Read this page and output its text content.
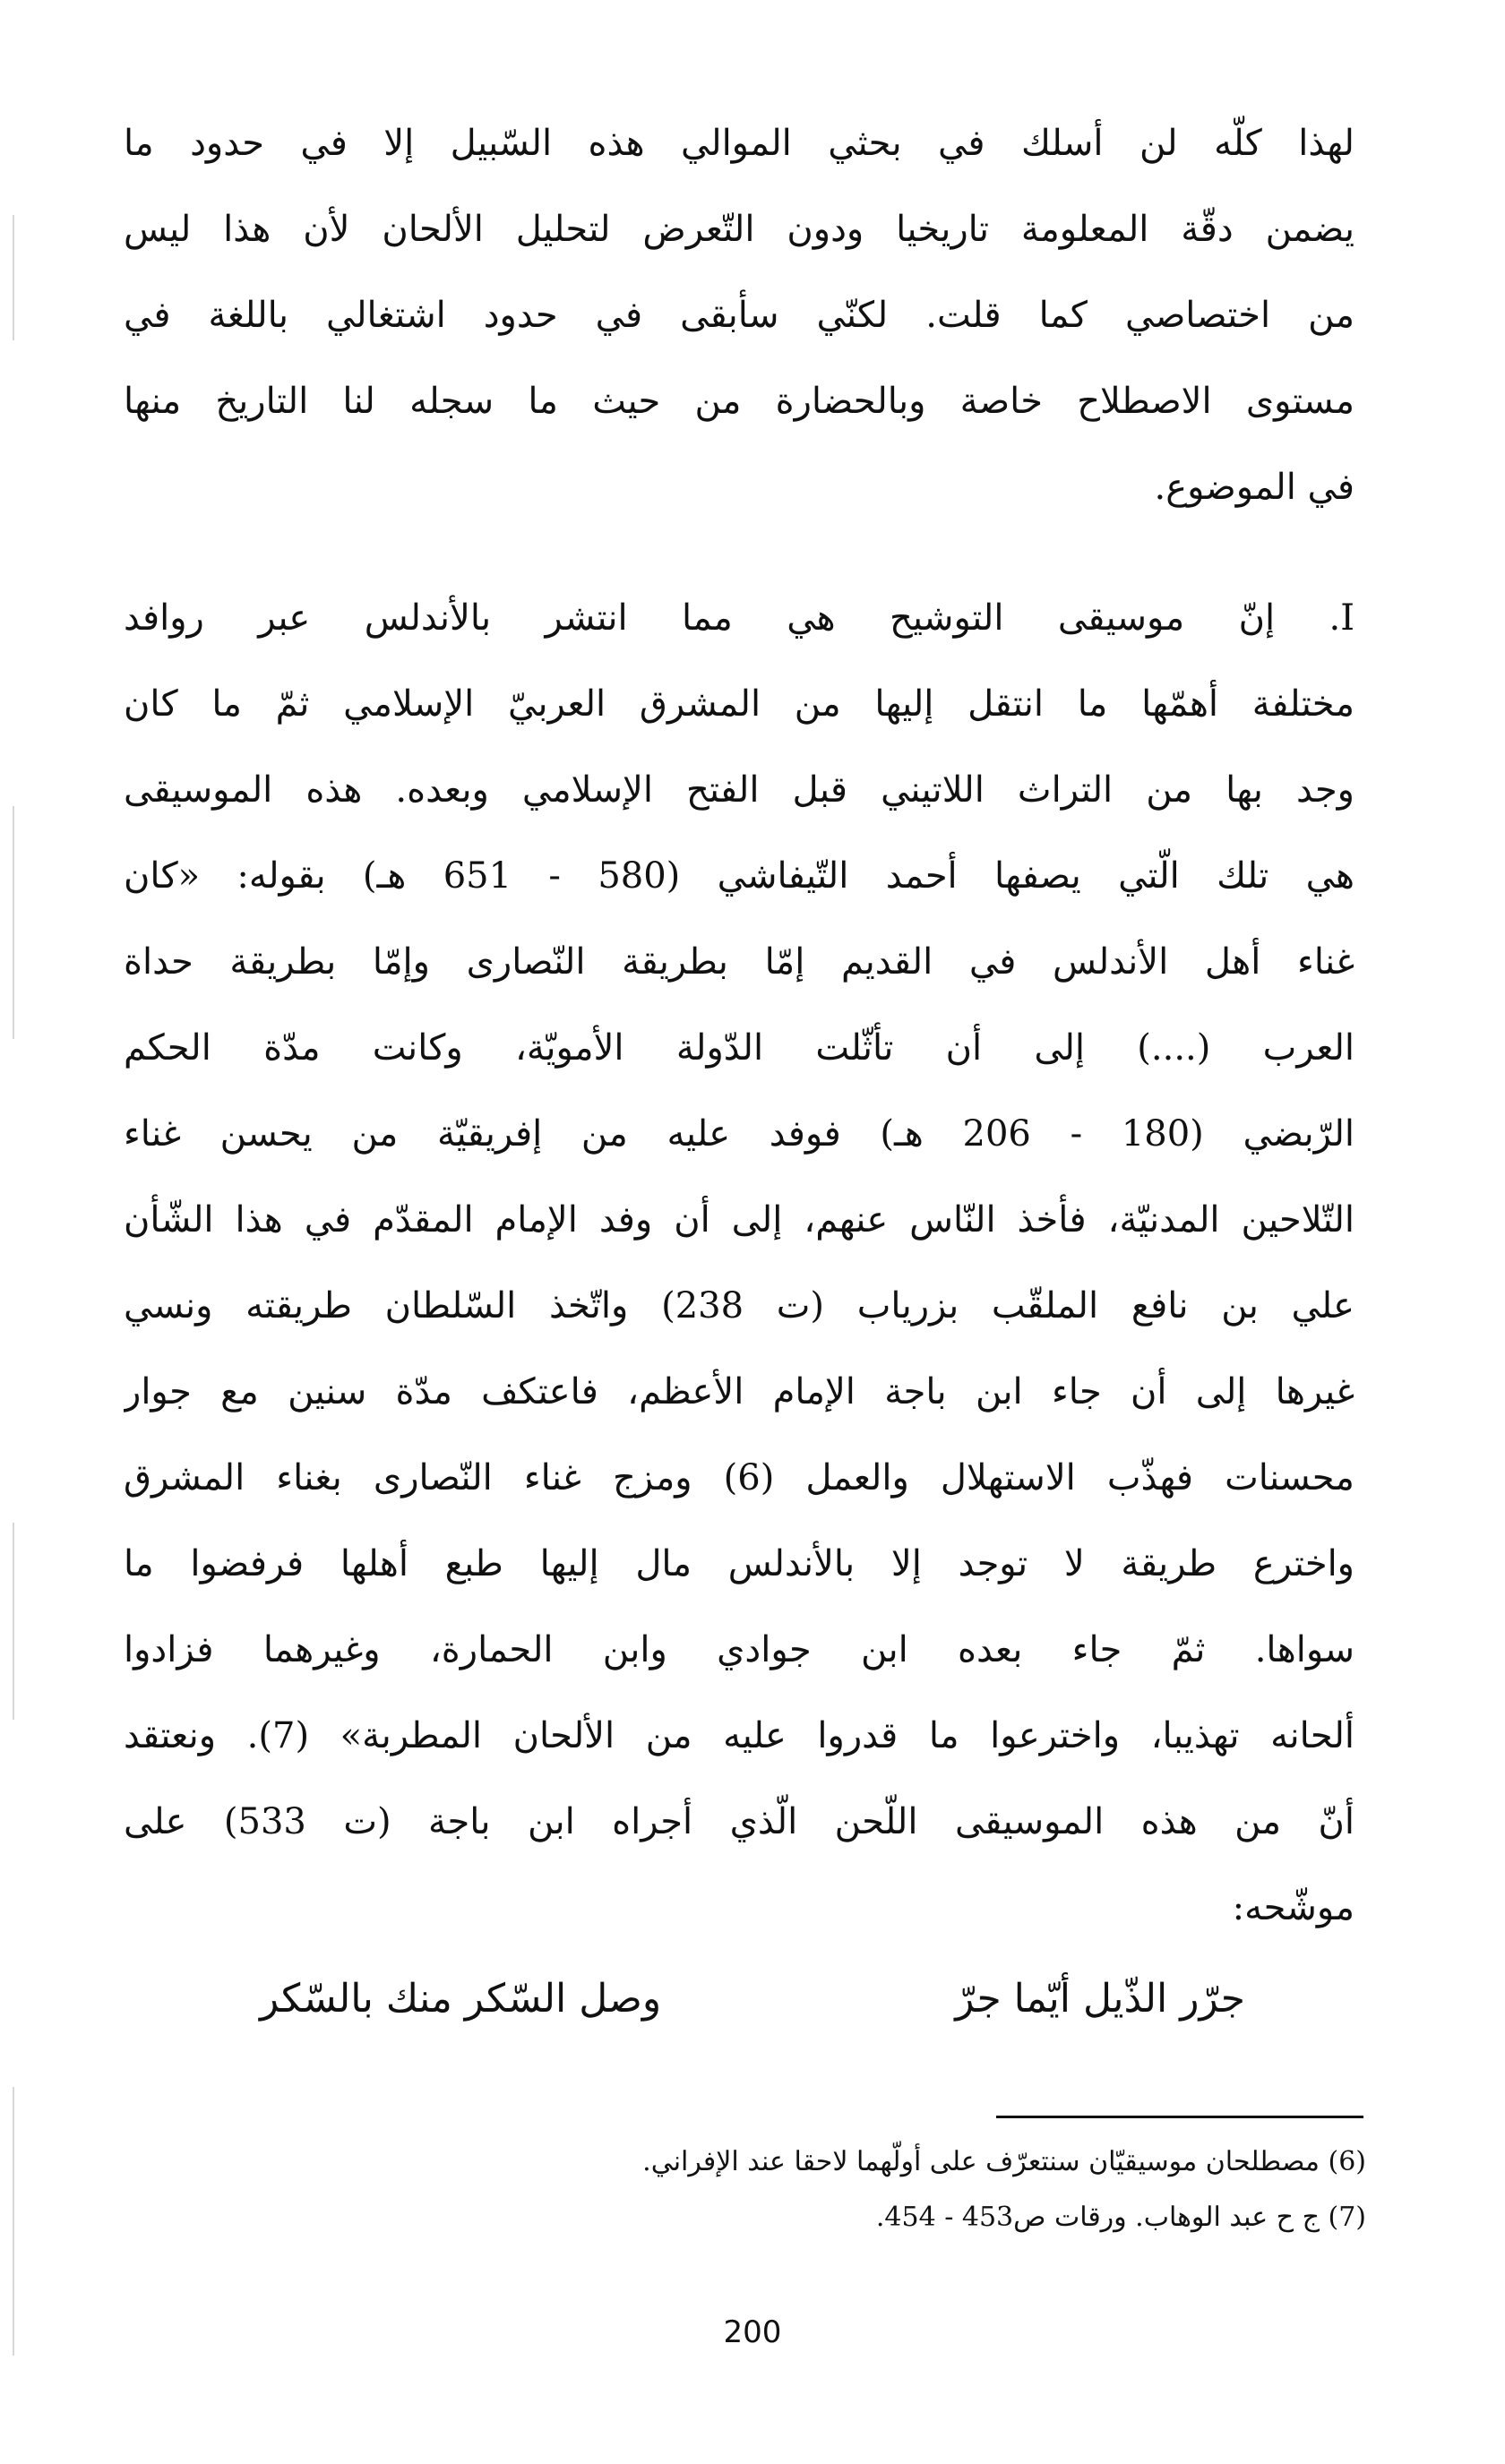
لهذا كلّه لن أسلك في بحثي الموالي هذه السّبيل إلا في حدود ما
يضمن دقّة المعلومة تاريخيا ودون التّعرض لتحليل الألحان لأن هذا ليس
من اختصاصي كما قلت. لكنّي سأبقى في حدود اشتغالي باللغة في
مستوى الاصطلاح خاصة وبالحضارة من حيث ما سجله لنا التاريخ منها
في الموضوع.
I. إنّ موسيقى التوشيح هي مما انتشر بالأندلس عبر روافد
مختلفة أهمّها ما انتقل إليها من المشرق العربيّ الإسلامي ثمّ ما كان
وجد بها من التراث اللاتيني قبل الفتح الإسلامي وبعده. هذه الموسيقى
هي تلك الّتي يصفها أحمد التّيفاشي (580 - 651 هـ) بقوله: «كان
غناء أهل الأندلس في القديم إمّا بطريقة النّصارى وإمّا بطريقة حداة
العرب (....) إلى أن تأثّلت الدّولة الأمويّة، وكانت مدّة الحكم
الرّبضي (180 - 206 هـ) فوفد عليه من إفريقيّة من يحسن غناء
التّلاحين المدنيّة، فأخذ النّاس عنهم، إلى أن وفد الإمام المقدّم في هذا الشّأن
علي بن نافع الملقّب بزرياب (ت 238) واتّخذ السّلطان طريقته ونسي
غيرها إلى أن جاء ابن باجة الإمام الأعظم، فاعتكف مدّة سنين مع جوار
محسنات فهذّب الاستهلال والعمل (6) ومزج غناء النّصارى بغناء المشرق
واخترع طريقة لا توجد إلا بالأندلس مال إليها طبع أهلها فرفضوا ما
سواها. ثمّ جاء بعده ابن جوادي وابن الحمارة، وغيرهما فزادوا
ألحانه تهذيبا، واخترعوا ما قدروا عليه من الألحان المطربة» (7). ونعتقد
أنّ من هذه الموسيقى اللّحن الّذي أجراه ابن باجة (ت 533) على
موشّحه:
جرّر الذّيل أيّما جرّ
وصل السّكر منك بالسّكر
(6) مصطلحان موسيقيّان سنتعرّف على أولّهما لاحقا عند الإفراني.
(7) ج ح عبد الوهاب. ورقات ص453 - 454.
200
